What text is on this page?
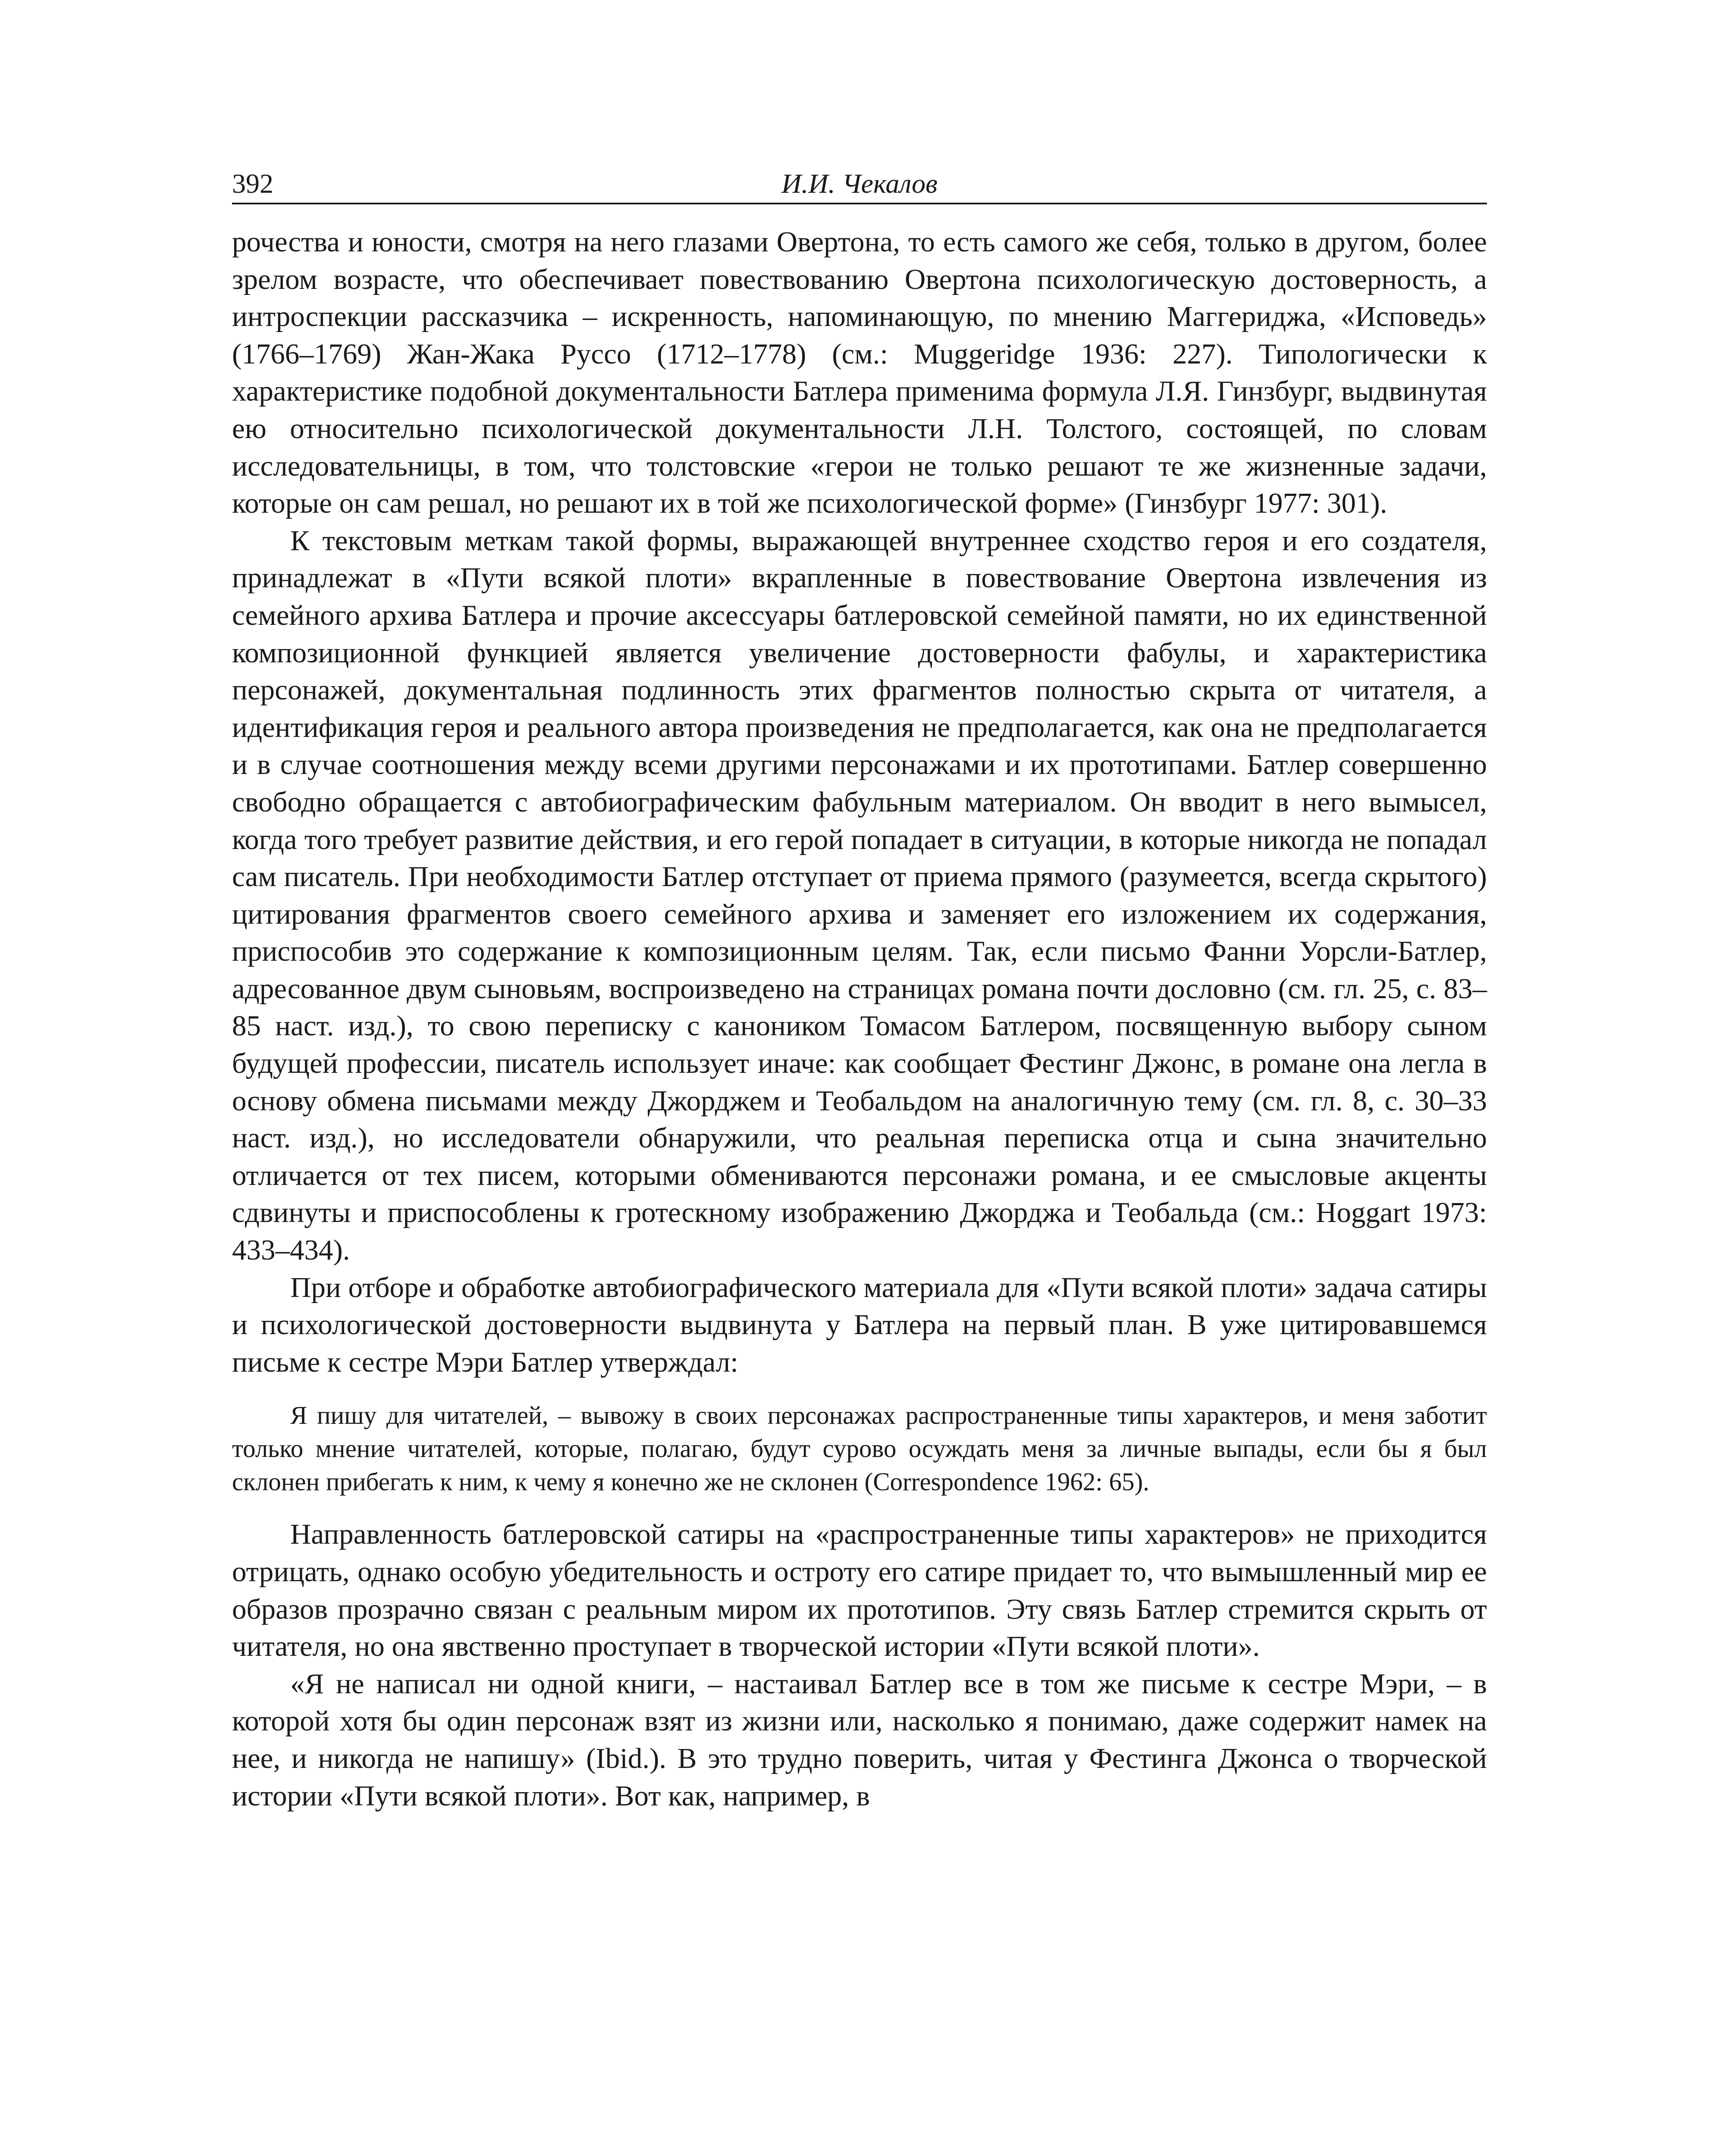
392	И.И. Чекалов

рочества и юности, смотря на него глазами Овертона, то есть самого же себя, только в другом, более зрелом возрасте, что обеспечивает повествованию Овертона психологическую достоверность, а интроспекции рассказчика – искренность, напоминающую, по мнению Маггериджа, «Исповедь» (1766–1769) Жан-Жака Руссо (1712–1778) (см.: Muggeridge 1936: 227). Типологически к характеристике подобной документальности Батлера применима формула Л.Я. Гинзбург, выдвинутая ею относительно психологической документальности Л.Н. Толстого, состоящей, по словам исследовательницы, в том, что толстовские «герои не только решают те же жизненные задачи, которые он сам решал, но решают их в той же психологической форме» (Гинзбург 1977: 301).

К текстовым меткам такой формы, выражающей внутреннее сходство героя и его создателя, принадлежат в «Пути всякой плоти» вкрапленные в повествование Овертона извлечения из семейного архива Батлера и прочие аксессуары батлеровской семейной памяти, но их единственной композиционной функцией является увеличение достоверности фабулы, и характеристика персонажей, документальная подлинность этих фрагментов полностью скрыта от читателя, а идентификация героя и реального автора произведения не предполагается, как она не предполагается и в случае соотношения между всеми другими персонажами и их прототипами. Батлер совершенно свободно обращается с автобиографическим фабульным материалом. Он вводит в него вымысел, когда того требует развитие действия, и его герой попадает в ситуации, в которые никогда не попадал сам писатель. При необходимости Батлер отступает от приема прямого (разумеется, всегда скрытого) цитирования фрагментов своего семейного архива и заменяет его изложением их содержания, приспособив это содержание к композиционным целям. Так, если письмо Фанни Уорсли-Батлер, адресованное двум сыновьям, воспроизведено на страницах романа почти дословно (см. гл. 25, с. 83–85 наст. изд.), то свою переписку с каноником Томасом Батлером, посвященную выбору сыном будущей профессии, писатель использует иначе: как сообщает Фестинг Джонс, в романе она легла в основу обмена письмами между Джорджем и Теобальдом на аналогичную тему (см. гл. 8, с. 30–33 наст. изд.), но исследователи обнаружили, что реальная переписка отца и сына значительно отличается от тех писем, которыми обмениваются персонажи романа, и ее смысловые акценты сдвинуты и приспособлены к гротескному изображению Джорджа и Теобальда (см.: Hoggart 1973: 433–434).

При отборе и обработке автобиографического материала для «Пути всякой плоти» задача сатиры и психологической достоверности выдвинута у Батлера на первый план. В уже цитировавшемся письме к сестре Мэри Батлер утверждал:

Я пишу для читателей, – вывожу в своих персонажах распространенные типы характеров, и меня заботит только мнение читателей, которые, полагаю, будут сурово осуждать меня за личные выпады, если бы я был склонен прибегать к ним, к чему я конечно же не склонен (Correspondence 1962: 65).

Направленность батлеровской сатиры на «распространенные типы характеров» не приходится отрицать, однако особую убедительность и остроту его сатире придает то, что вымышленный мир ее образов прозрачно связан с реальным миром их прототипов. Эту связь Батлер стремится скрыть от читателя, но она явственно проступает в творческой истории «Пути всякой плоти».

«Я не написал ни одной книги, – настаивал Батлер все в том же письме к сестре Мэри, – в которой хотя бы один персонаж взят из жизни или, насколько я понимаю, даже содержит намек на нее, и никогда не напишу» (Ibid.). В это трудно поверить, читая у Фестинга Джонса о творческой истории «Пути всякой плоти». Вот как, например, в
